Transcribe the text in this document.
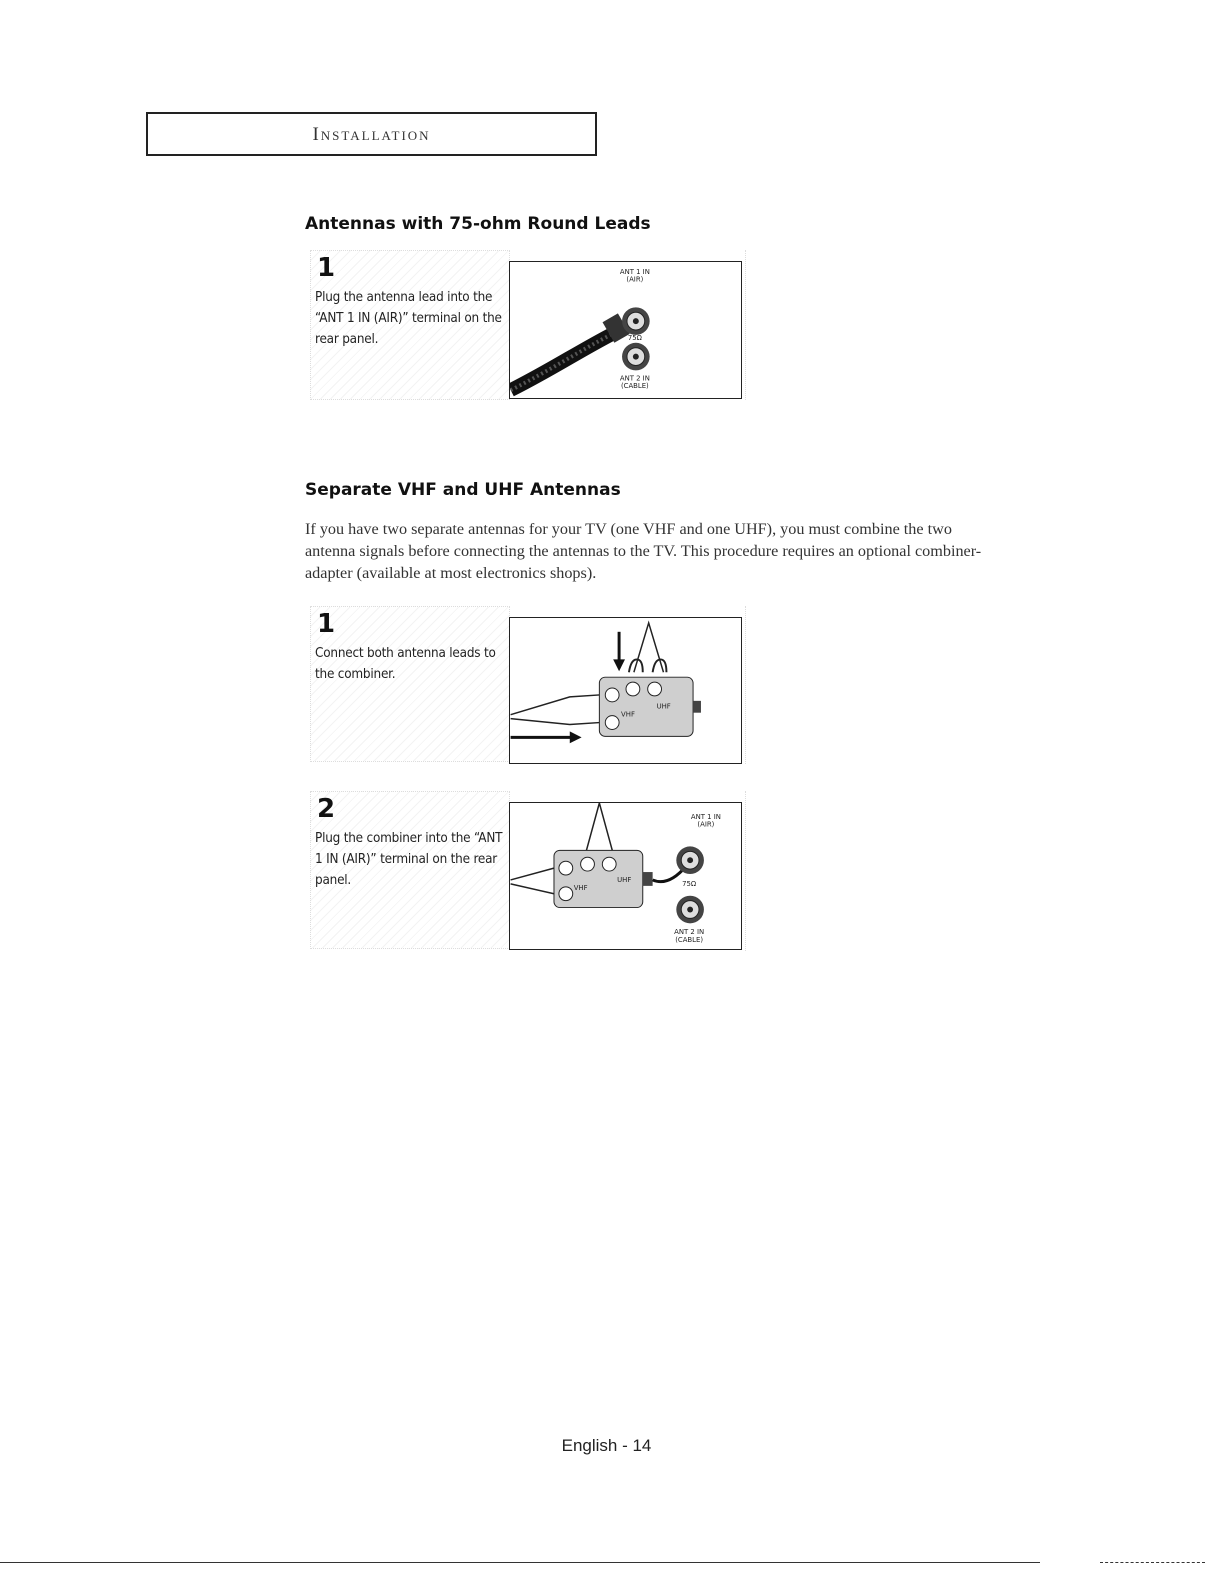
Installation
Antennas with 75-ohm Round Leads
1

Plug the antenna lead into the “ANT 1 IN (AIR)” terminal on the rear panel.

ANT 1 IN
(AIR)
75Ω
ANT 2 IN
(CABLE)
Separate VHF and UHF Antennas

If you have two separate antennas for your TV (one VHF and one UHF), you must combine the two antenna signals before connecting the antennas to the TV. This procedure requires an optional combiner-adapter (available at most electronics shops).

1

Connect both antenna leads to the combiner.

UHF
VHF
2

Plug the combiner into the “ANT 1 IN (AIR)” terminal on the rear panel.

ANT 1 IN
(AIR)
UHF
VHF	75Ω
ANT 2 IN
(CABLE)
English - 14
